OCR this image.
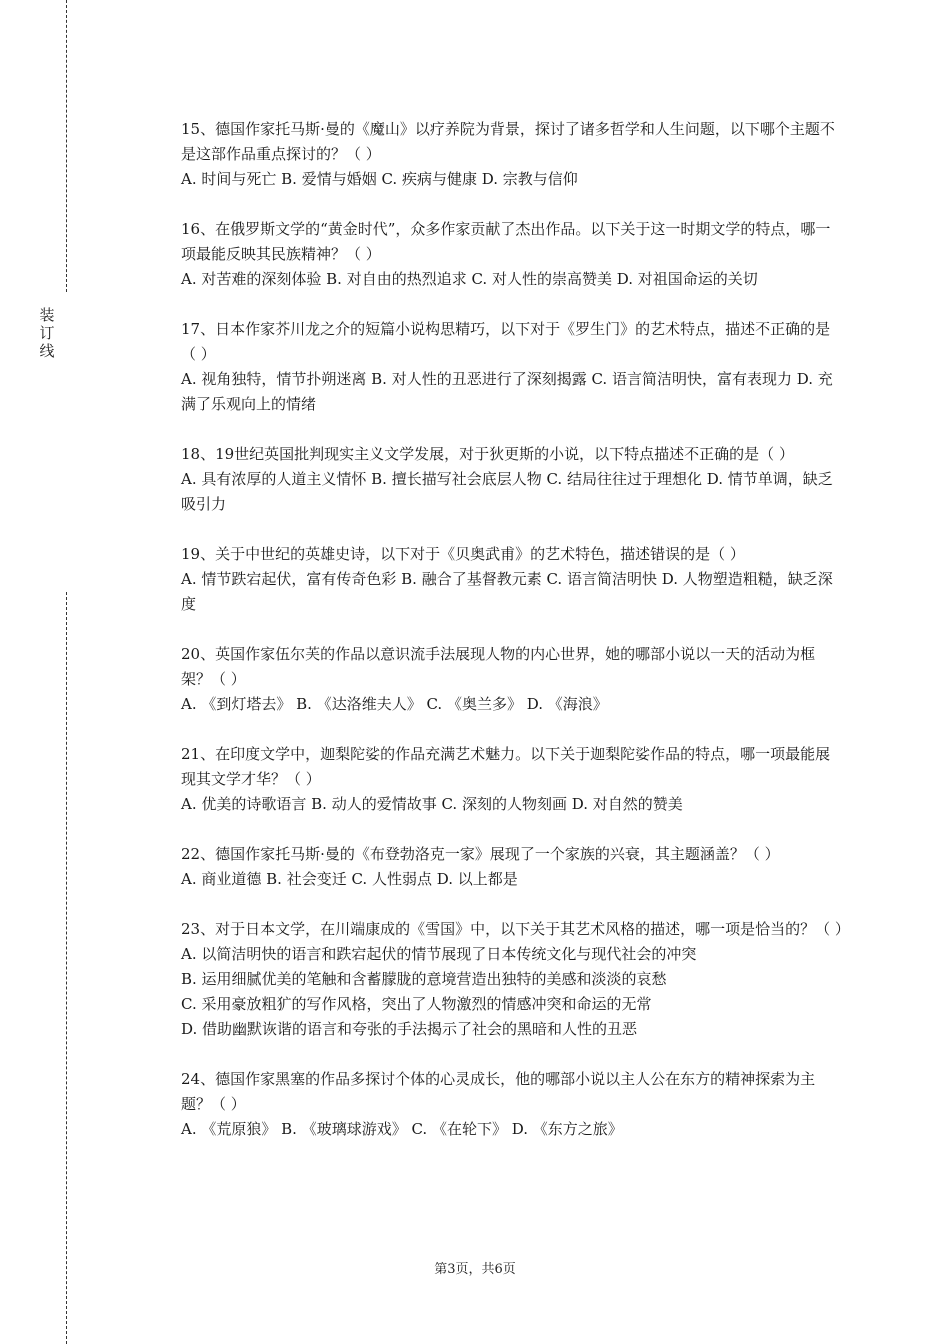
装
订
线

15、德国作家托马斯·曼的《魔山》以疗养院为背景，探讨了诸多哲学和人生问题，以下哪个主题不是这部作品重点探讨的？（ ）

A. 时间与死亡 B. 爱情与婚姻 C. 疾病与健康 D. 宗教与信仰

16、在俄罗斯文学的“黄金时代”，众多作家贡献了杰出作品。以下关于这一时期文学的特点，哪一项最能反映其民族精神？（ ）

A. 对苦难的深刻体验 B. 对自由的热烈追求 C. 对人性的崇高赞美 D. 对祖国命运的关切

17、日本作家芥川龙之介的短篇小说构思精巧，以下对于《罗生门》的艺术特点，描述不正确的是（ ）

A. 视角独特，情节扑朔迷离 B. 对人性的丑恶进行了深刻揭露 C. 语言简洁明快，富有表现力 D. 充满了乐观向上的情绪

18、19世纪英国批判现实主义文学发展，对于狄更斯的小说，以下特点描述不正确的是（ ）

A. 具有浓厚的人道主义情怀 B. 擅长描写社会底层人物 C. 结局往往过于理想化 D. 情节单调，缺乏吸引力

19、关于中世纪的英雄史诗，以下对于《贝奥武甫》的艺术特色，描述错误的是（ ）

A. 情节跌宕起伏，富有传奇色彩 B. 融合了基督教元素 C. 语言简洁明快 D. 人物塑造粗糙，缺乏深度

20、英国作家伍尔芙的作品以意识流手法展现人物的内心世界，她的哪部小说以一天的活动为框架？（ ）

A. 《到灯塔去》 B. 《达洛维夫人》 C. 《奥兰多》 D. 《海浪》

21、在印度文学中，迦梨陀娑的作品充满艺术魅力。以下关于迦梨陀娑作品的特点，哪一项最能展现其文学才华？（ ）

A. 优美的诗歌语言 B. 动人的爱情故事 C. 深刻的人物刻画 D. 对自然的赞美

22、德国作家托马斯·曼的《布登勃洛克一家》展现了一个家族的兴衰，其主题涵盖？（ ）

A. 商业道德 B. 社会变迁 C. 人性弱点 D. 以上都是

23、对于日本文学，在川端康成的《雪国》中，以下关于其艺术风格的描述，哪一项是恰当的？（ ）

A. 以简洁明快的语言和跌宕起伏的情节展现了日本传统文化与现代社会的冲突

B. 运用细腻优美的笔触和含蓄朦胧的意境营造出独特的美感和淡淡的哀愁

C. 采用豪放粗犷的写作风格，突出了人物激烈的情感冲突和命运的无常

D. 借助幽默诙谐的语言和夸张的手法揭示了社会的黑暗和人性的丑恶

24、德国作家黑塞的作品多探讨个体的心灵成长，他的哪部小说以主人公在东方的精神探索为主题？（ ）

A. 《荒原狼》 B. 《玻璃球游戏》 C. 《在轮下》 D. 《东方之旅》

第3页，共6页
